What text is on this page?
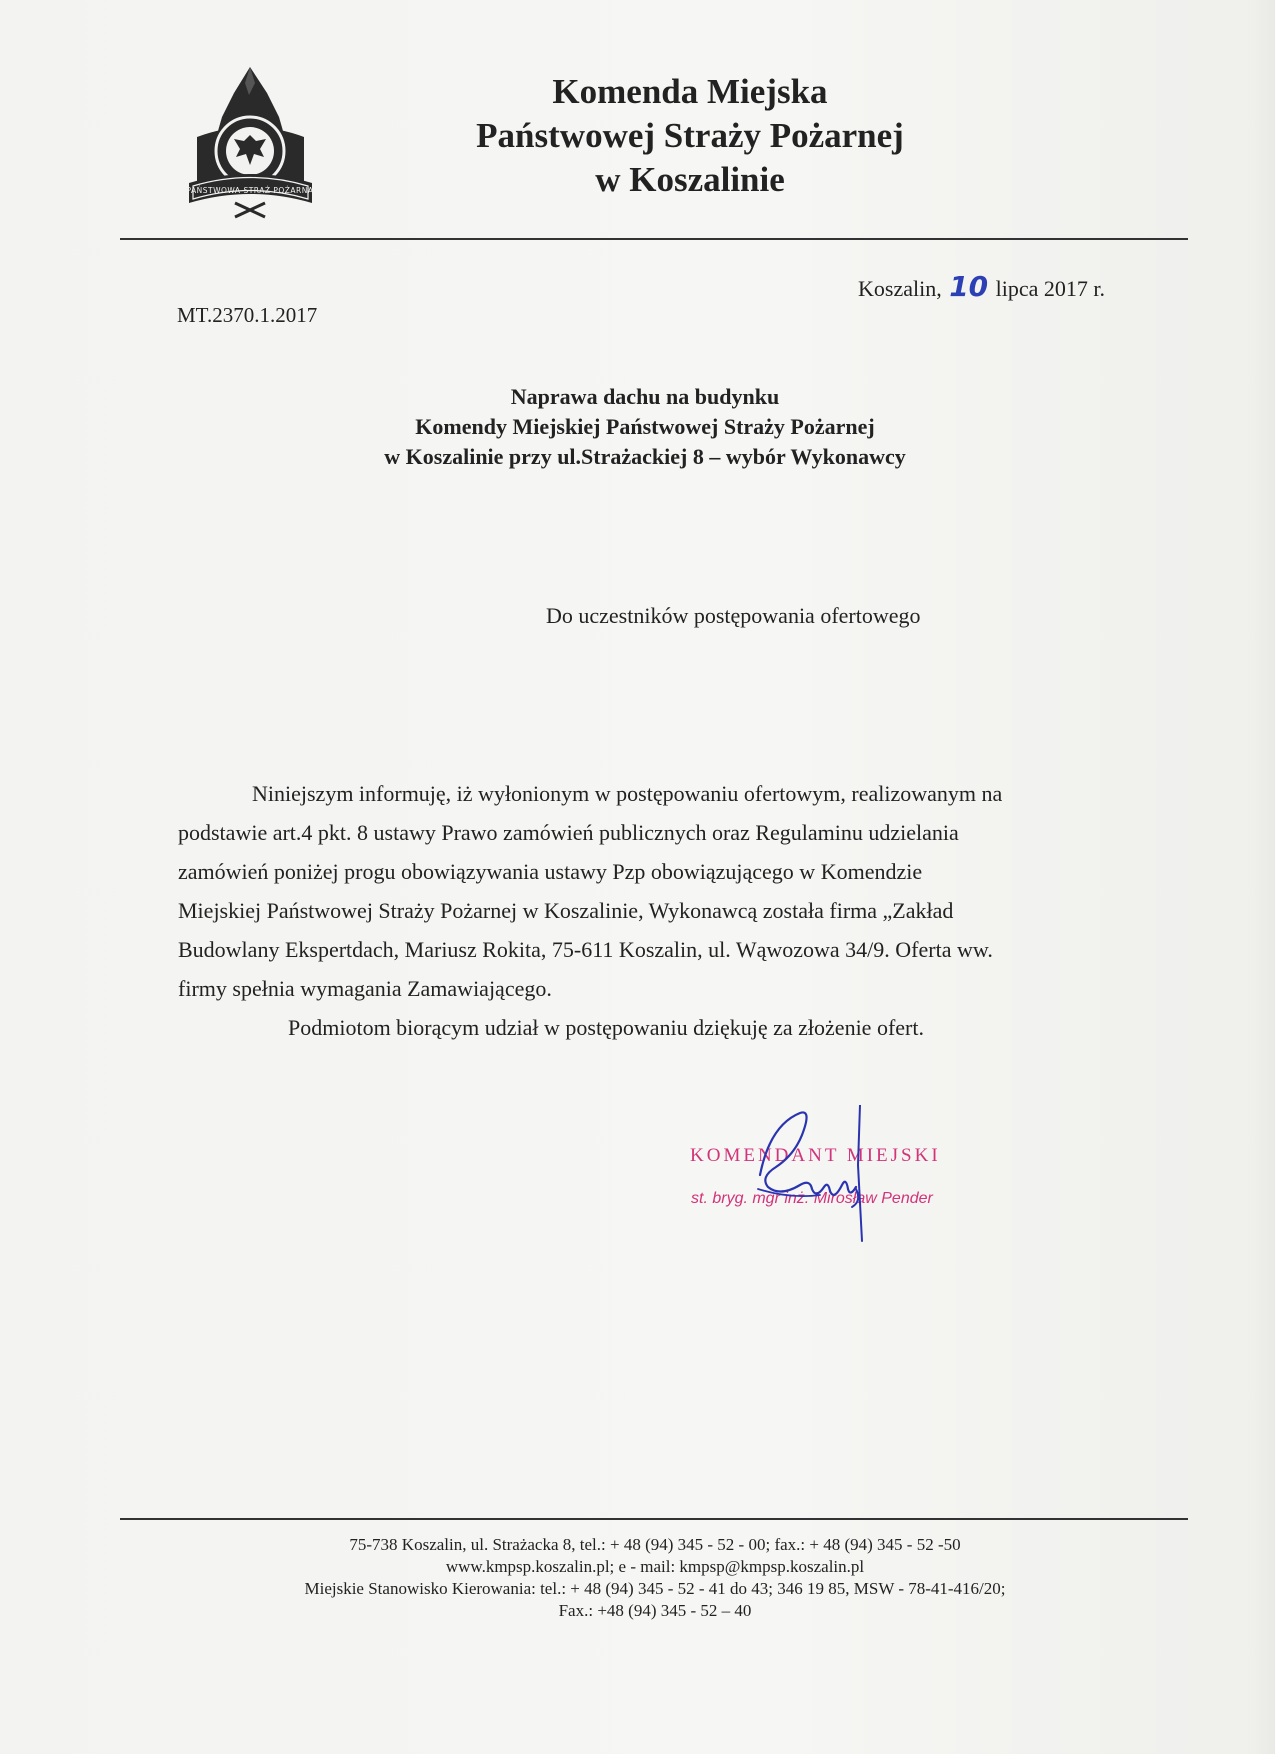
PAŃSTWOWA STRAŻ POŻARNA
Komenda Miejska
Państwowej Straży Pożarnej
w Koszalinie
Koszalin, 10 lipca 2017 r.
MT.2370.1.2017
Naprawa dachu na budynku
Komendy Miejskiej Państwowej Straży Pożarnej
w Koszalinie przy ul.Strażackiej 8 – wybór Wykonawcy
Do uczestników postępowania ofertowego
Niniejszym informuję, iż wyłonionym w postępowaniu ofertowym, realizowanym na
podstawie art.4 pkt. 8 ustawy Prawo zamówień publicznych oraz Regulaminu udzielania
zamówień poniżej progu obowiązywania ustawy Pzp obowiązującego w Komendzie
Miejskiej Państwowej Straży Pożarnej w Koszalinie, Wykonawcą została firma „Zakład
Budowlany Ekspertdach, Mariusz Rokita, 75-611 Koszalin, ul. Wąwozowa 34/9. Oferta ww.
firmy spełnia wymagania Zamawiającego.
Podmiotom biorącym udział w postępowaniu dziękuję za złożenie ofert.
KOMENDANT MIEJSKI
st. bryg. mgr inż. Mirosław Pender
75-738 Koszalin, ul. Strażacka 8, tel.: + 48 (94) 345 - 52 - 00; fax.: + 48 (94) 345 - 52 -50
www.kmpsp.koszalin.pl; e - mail: kmpsp@kmpsp.koszalin.pl
Miejskie Stanowisko Kierowania: tel.: + 48 (94) 345 - 52 - 41 do 43; 346 19 85, MSW - 78-41-416/20;
Fax.: +48 (94) 345 - 52 – 40
